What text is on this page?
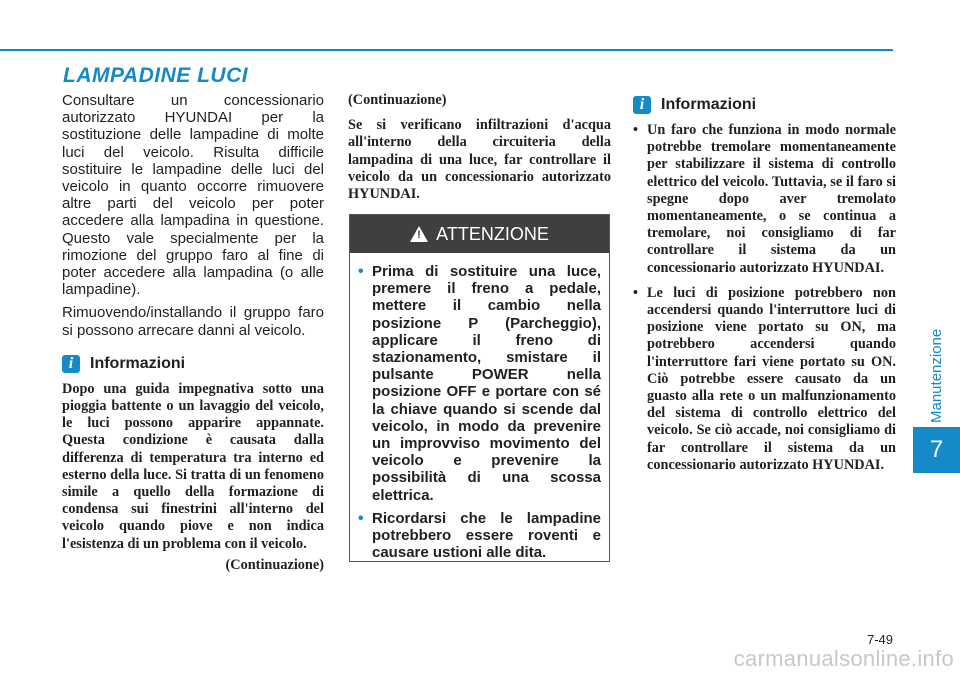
LAMPADINE LUCI
Manutenzione
7

Consultare un concessionario autorizzato HYUNDAI per la sostituzione delle lampadine di molte luci del veicolo. Risulta difficile sostituire le lampadine delle luci del veicolo in quanto occorre rimuovere altre parti del veicolo per poter accedere alla lampadina in questione. Questo vale specialmente per la rimozione del gruppo faro al fine di poter accedere alla lampadina (o alle lampadine).

Rimuovendo/installando il gruppo faro si possono arrecare danni al veicolo.

i	Informazioni

Dopo una guida impegnativa sotto una pioggia battente o un lavaggio del veicolo, le luci possono apparire appannate. Questa condizione è causata dalla differenza di temperatura tra interno ed esterno della luce. Si tratta di un fenomeno simile a quello della formazione di condensa sui finestrini all'interno del veicolo quando piove e non indica l'esistenza di un problema con il veicolo.

(Continuazione)

(Continuazione)

Se si verificano infiltrazioni d'acqua all'interno della circuiteria della lampadina di una luce, far controllare il veicolo da un concessionario autorizzato HYUNDAI.

! ATTENZIONE
• Prima di sostituire una luce, premere il freno a pedale, mettere il cambio nella posizione P (Parcheggio), applicare il freno di stazionamento, smistare il pulsante POWER nella posizione OFF e portare con sé la chiave quando si scende dal veicolo, in modo da prevenire un improvviso movimento del veicolo e prevenire la possibilità di una scossa elettrica.
• Ricordarsi che le lampadine potrebbero essere roventi e causare ustioni alle dita.
i	Informazioni
• Un faro che funziona in modo normale potrebbe tremolare momentaneamente per stabilizzare il sistema di controllo elettrico del veicolo. Tuttavia, se il faro si spegne dopo aver tremolato momentaneamente, o se continua a tremolare, noi consigliamo di far controllare il sistema da un concessionario autorizzato HYUNDAI.
• Le luci di posizione potrebbero non accendersi quando l'interruttore luci di posizione viene portato su ON, ma potrebbero accendersi quando l'interruttore fari viene portato su ON. Ciò potrebbe essere causato da un guasto alla rete o un malfunzionamento del sistema di controllo elettrico del veicolo. Se ciò accade, noi consigliamo di far controllare il sistema da un concessionario autorizzato HYUNDAI.
7-49
carmanualsonline.info
